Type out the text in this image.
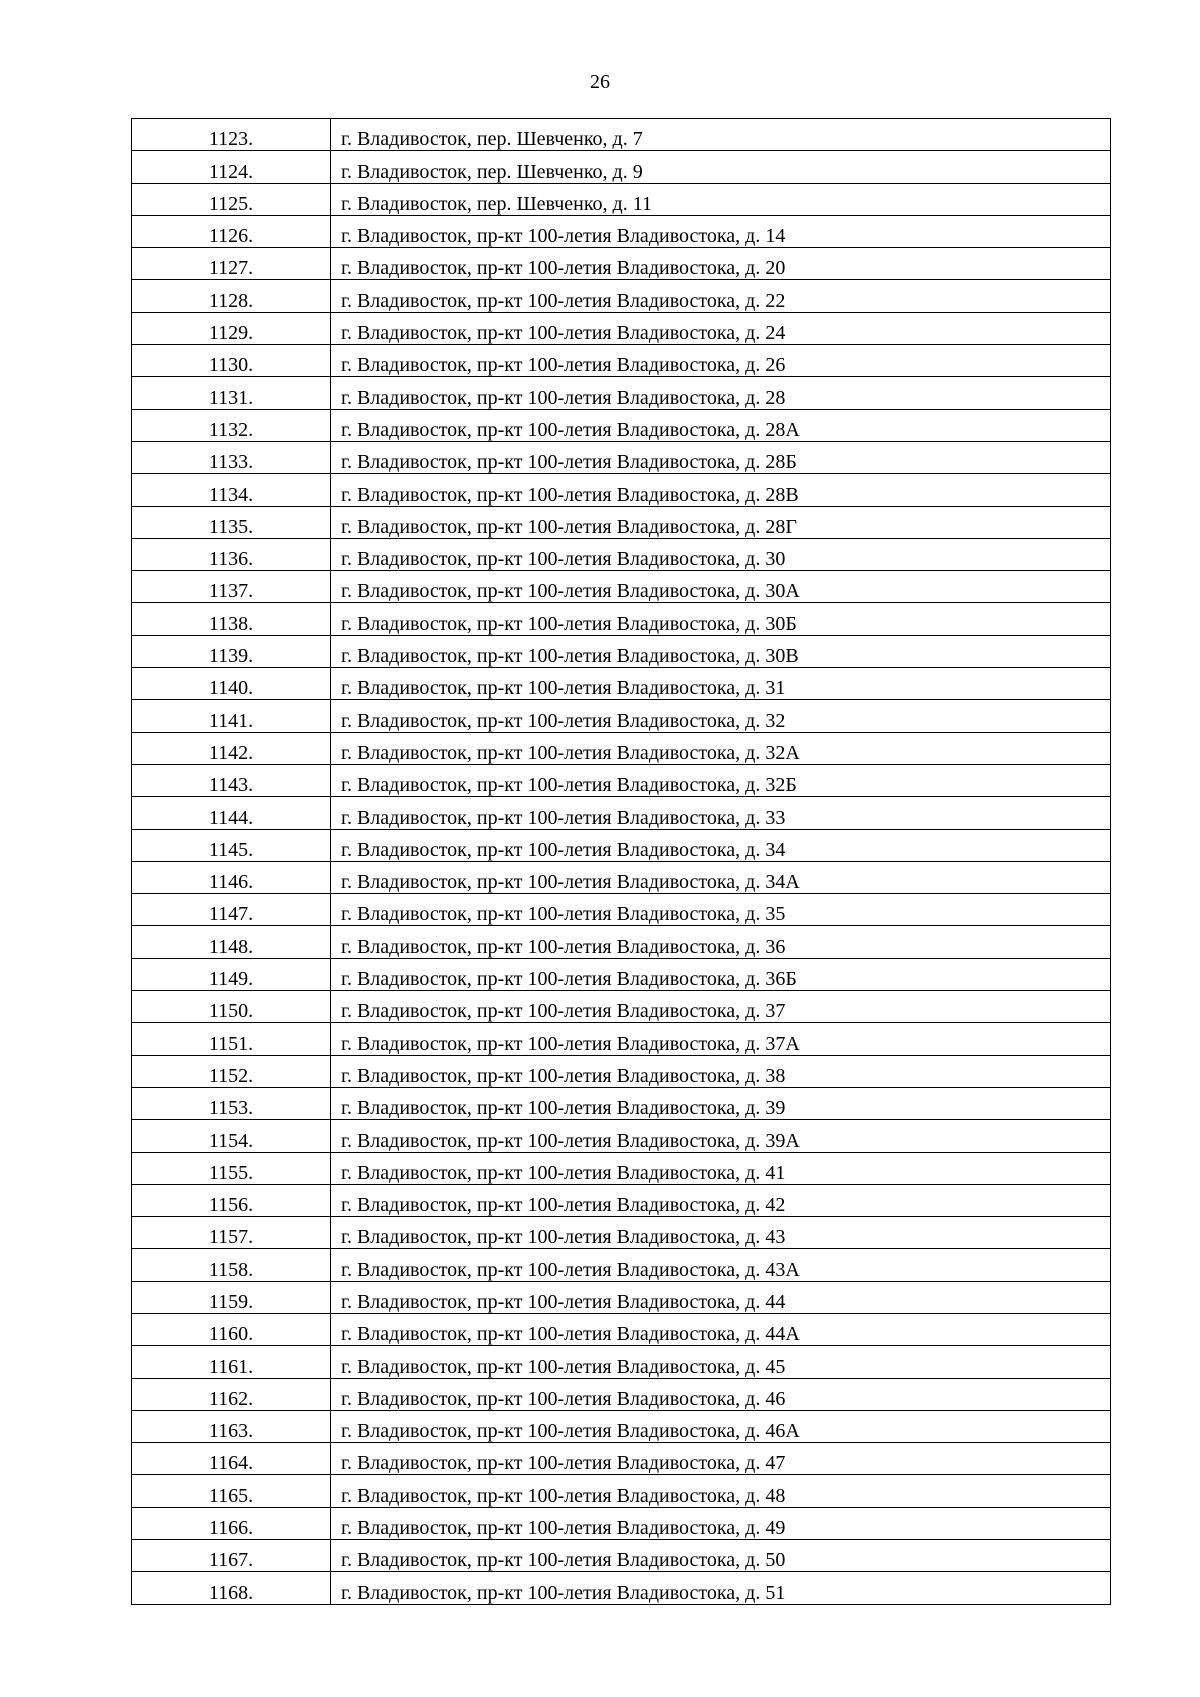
26
1123.	г. Владивосток, пер. Шевченко, д. 7
1124.	г. Владивосток, пер. Шевченко, д. 9
1125.	г. Владивосток, пер. Шевченко, д. 11
1126.	г. Владивосток, пр-кт 100-летия Владивостока, д. 14
1127.	г. Владивосток, пр-кт 100-летия Владивостока, д. 20
1128.	г. Владивосток, пр-кт 100-летия Владивостока, д. 22
1129.	г. Владивосток, пр-кт 100-летия Владивостока, д. 24
1130.	г. Владивосток, пр-кт 100-летия Владивостока, д. 26
1131.	г. Владивосток, пр-кт 100-летия Владивостока, д. 28
1132.	г. Владивосток, пр-кт 100-летия Владивостока, д. 28А
1133.	г. Владивосток, пр-кт 100-летия Владивостока, д. 28Б
1134.	г. Владивосток, пр-кт 100-летия Владивостока, д. 28В
1135.	г. Владивосток, пр-кт 100-летия Владивостока, д. 28Г
1136.	г. Владивосток, пр-кт 100-летия Владивостока, д. 30
1137.	г. Владивосток, пр-кт 100-летия Владивостока, д. 30А
1138.	г. Владивосток, пр-кт 100-летия Владивостока, д. 30Б
1139.	г. Владивосток, пр-кт 100-летия Владивостока, д. 30В
1140.	г. Владивосток, пр-кт 100-летия Владивостока, д. 31
1141.	г. Владивосток, пр-кт 100-летия Владивостока, д. 32
1142.	г. Владивосток, пр-кт 100-летия Владивостока, д. 32А
1143.	г. Владивосток, пр-кт 100-летия Владивостока, д. 32Б
1144.	г. Владивосток, пр-кт 100-летия Владивостока, д. 33
1145.	г. Владивосток, пр-кт 100-летия Владивостока, д. 34
1146.	г. Владивосток, пр-кт 100-летия Владивостока, д. 34А
1147.	г. Владивосток, пр-кт 100-летия Владивостока, д. 35
1148.	г. Владивосток, пр-кт 100-летия Владивостока, д. 36
1149.	г. Владивосток, пр-кт 100-летия Владивостока, д. 36Б
1150.	г. Владивосток, пр-кт 100-летия Владивостока, д. 37
1151.	г. Владивосток, пр-кт 100-летия Владивостока, д. 37А
1152.	г. Владивосток, пр-кт 100-летия Владивостока, д. 38
1153.	г. Владивосток, пр-кт 100-летия Владивостока, д. 39
1154.	г. Владивосток, пр-кт 100-летия Владивостока, д. 39А
1155.	г. Владивосток, пр-кт 100-летия Владивостока, д. 41
1156.	г. Владивосток, пр-кт 100-летия Владивостока, д. 42
1157.	г. Владивосток, пр-кт 100-летия Владивостока, д. 43
1158.	г. Владивосток, пр-кт 100-летия Владивостока, д. 43А
1159.	г. Владивосток, пр-кт 100-летия Владивостока, д. 44
1160.	г. Владивосток, пр-кт 100-летия Владивостока, д. 44А
1161.	г. Владивосток, пр-кт 100-летия Владивостока, д. 45
1162.	г. Владивосток, пр-кт 100-летия Владивостока, д. 46
1163.	г. Владивосток, пр-кт 100-летия Владивостока, д. 46А
1164.	г. Владивосток, пр-кт 100-летия Владивостока, д. 47
1165.	г. Владивосток, пр-кт 100-летия Владивостока, д. 48
1166.	г. Владивосток, пр-кт 100-летия Владивостока, д. 49
1167.	г. Владивосток, пр-кт 100-летия Владивостока, д. 50
1168.	г. Владивосток, пр-кт 100-летия Владивостока, д. 51
